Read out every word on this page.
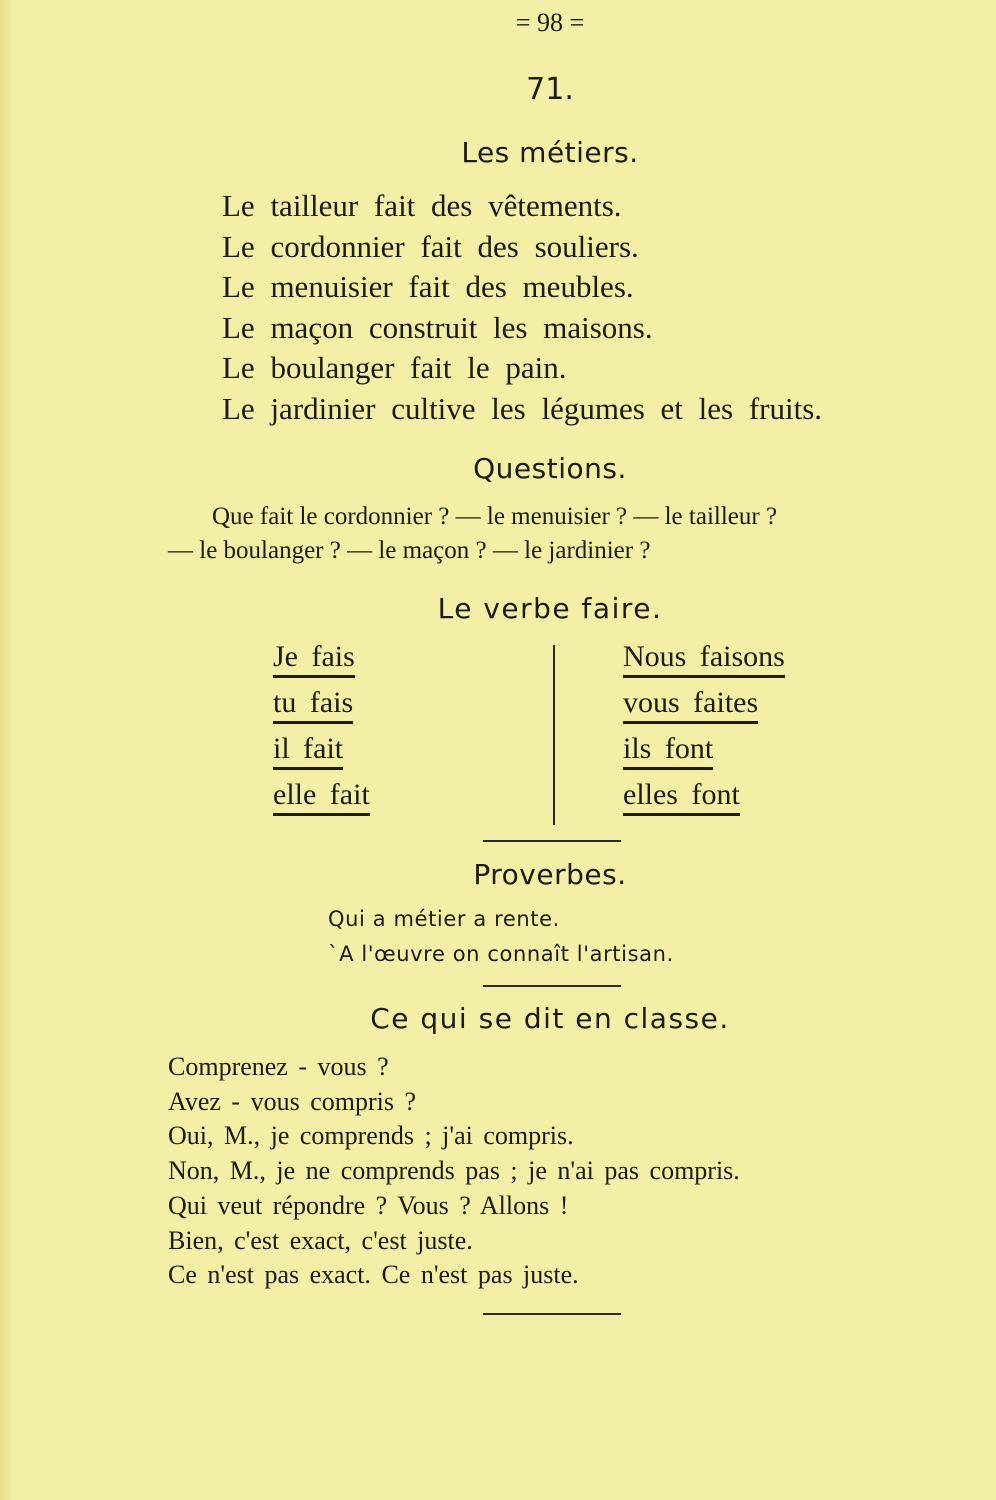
= 98 =
71.
Les métiers.
Le tailleur fait des vêtements.
Le cordonnier fait des souliers.
Le menuisier fait des meubles.
Le maçon construit les maisons.
Le boulanger fait le pain.
Le jardinier cultive les légumes et les fruits.
Questions.
Que fait le cordonnier ? — le menuisier ? — le tailleur ?
— le boulanger ? — le maçon ? — le jardinier ?
Le verbe faire.
Je fais
tu fais
il fait
elle fait
Nous faisons
vous faites
ils font
elles font
Proverbes.
Qui a métier a rente.
`A l'œuvre on connaît l'artisan.
Ce qui se dit en classe.
Comprenez - vous ?
Avez - vous compris ?
Oui, M., je comprends ; j'ai compris.
Non, M., je ne comprends pas ; je n'ai pas compris.
Qui veut répondre ? Vous ? Allons !
Bien, c'est exact, c'est juste.
Ce n'est pas exact. Ce n'est pas juste.
